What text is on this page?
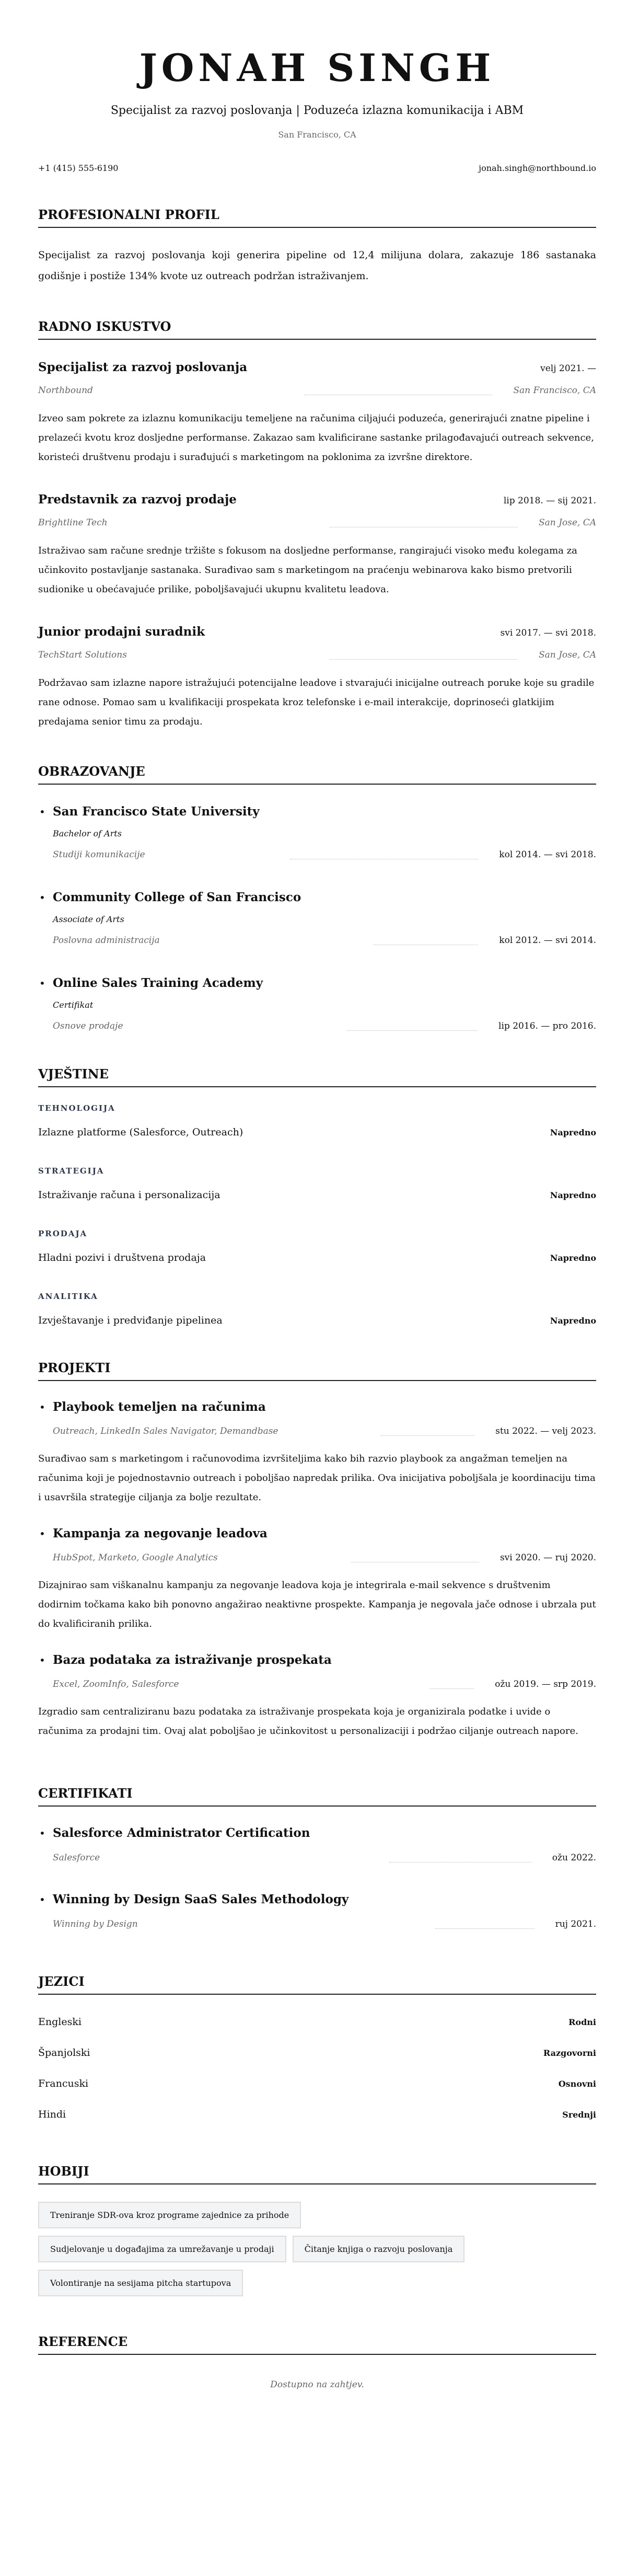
JONAH SINGH
Specijalist za razvoj poslovanja | Poduzeća izlazna komunikacija i ABM
San Francisco, CA
+1 (415) 555-6190	jonah.singh@northbound.io
PROFESIONALNI PROFIL

Specijalist za razvoj poslovanja koji generira pipeline od 12,4 milijuna dolara, zakazuje 186 sastanaka godišnje i postiže 134% kvote uz outreach podržan istraživanjem.

RADNO ISKUSTVO
Specijalist za razvoj poslovanja	velj 2021. —
Northbound	San Francisco, CA

Izveo sam pokrete za izlaznu komunikaciju temeljene na računima ciljajući poduzeća, generirajući znatne pipeline i prelazeći kvotu kroz dosljedne performanse. Zakazao sam kvalificirane sastanke prilagođavajući outreach sekvence, koristeći društvenu prodaju i surađujući s marketingom na poklonima za izvršne direktore.

Predstavnik za razvoj prodaje	lip 2018. — sij 2021.
Brightline Tech	San Jose, CA

Istraživao sam račune srednje tržište s fokusom na dosljedne performanse, rangirajući visoko među kolegama za učinkovito postavljanje sastanaka. Surađivao sam s marketingom na praćenju webinarova kako bismo pretvorili sudionike u obećavajuće prilike, poboljšavajući ukupnu kvalitetu leadova.

Junior prodajni suradnik	svi 2017. — svi 2018.
TechStart Solutions	San Jose, CA

Podržavao sam izlazne napore istražujući potencijalne leadove i stvarajući inicijalne outreach poruke koje su gradile rane odnose. Pomao sam u kvalifikaciji prospekata kroz telefonske i e-mail interakcije, doprinoseći glatkijim predajama senior timu za prodaju.

OBRAZOVANJE
• San Francisco State University
Bachelor of Arts
Studiji komunikacije	kol 2014. — svi 2018.
• Community College of San Francisco
Associate of Arts
Poslovna administracija	kol 2012. — svi 2014.
• Online Sales Training Academy
Certifikat
Osnove prodaje	lip 2016. — pro 2016.
VJEŠTINE
TEHNOLOGIJA
Izlazne platforme (Salesforce, Outreach)	Napredno
STRATEGIJA
Istraživanje računa i personalizacija	Napredno
PRODAJA
Hladni pozivi i društvena prodaja	Napredno
ANALITIKA
Izvještavanje i predviđanje pipelinea	Napredno
PROJEKTI
• Playbook temeljen na računima
Outreach, LinkedIn Sales Navigator, Demandbase	stu 2022. — velj 2023.

Surađivao sam s marketingom i računovodima izvršiteljima kako bih razvio playbook za angažman temeljen na računima koji je pojednostavnio outreach i poboljšao napredak prilika. Ova inicijativa poboljšala je koordinaciju tima i usavršila strategije ciljanja za bolje rezultate.

• Kampanja za negovanje leadova
HubSpot, Marketo, Google Analytics	svi 2020. — ruj 2020.

Dizajnirao sam viškanalnu kampanju za negovanje leadova koja je integrirala e-mail sekvence s društvenim dodirnim točkama kako bih ponovno angažirao neaktivne prospekte. Kampanja je negovala jače odnose i ubrzala put do kvalificiranih prilika.

• Baza podataka za istraživanje prospekata
Excel, ZoomInfo, Salesforce	ožu 2019. — srp 2019.

Izgradio sam centraliziranu bazu podataka za istraživanje prospekata koja je organizirala podatke i uvide o računima za prodajni tim. Ovaj alat poboljšao je učinkovitost u personalizaciji i podržao ciljanje outreach napore.

CERTIFIKATI
• Salesforce Administrator Certification
Salesforce	ožu 2022.
• Winning by Design SaaS Sales Methodology
Winning by Design	ruj 2021.
JEZICI
Engleski	Rodni
Španjolski	Razgovorni
Francuski	Osnovni
Hindi	Srednji
HOBIJI
Treniranje SDR-ova kroz programe zajednice za prihode
Sudjelovanje u događajima za umrežavanje u prodaji	Čitanje knjiga o razvoju poslovanja
Volontiranje na sesijama pitcha startupova
REFERENCE

Dostupno na zahtjev.
